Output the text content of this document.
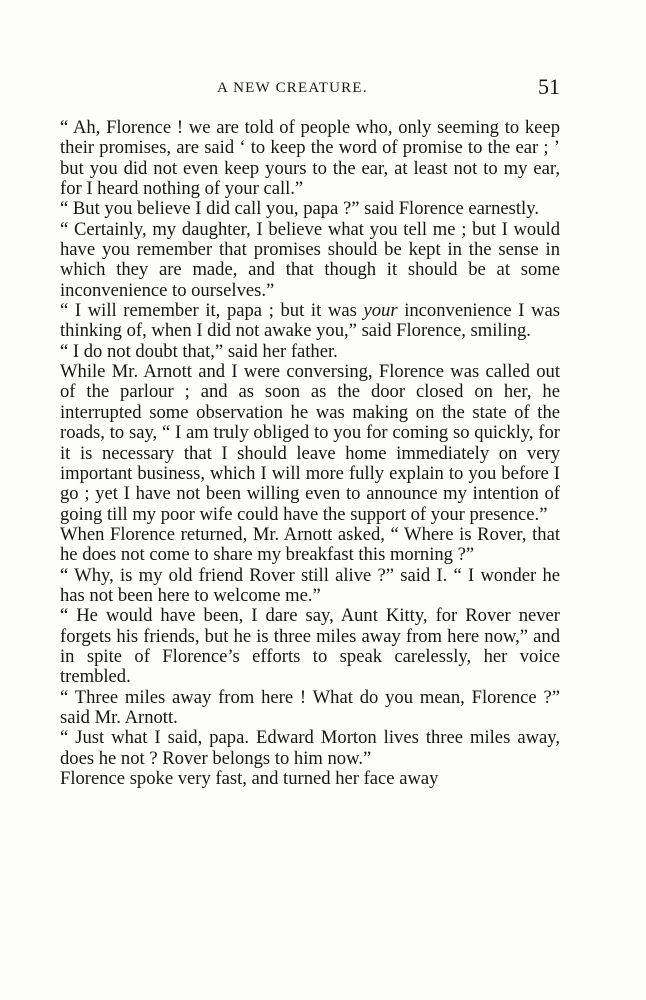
A NEW CREATURE.	51

“ Ah, Florence ! we are told of people who, only seeming to keep their promises, are said ‘ to keep the word of promise to the ear ; ’ but you did not even keep yours to the ear, at least not to my ear, for I heard nothing of your call.”

“ But you believe I did call you, papa ?” said Florence earnestly.

“ Certainly, my daughter, I believe what you tell me ; but I would have you remember that promises should be kept in the sense in which they are made, and that though it should be at some inconvenience to ourselves.”

“ I will remember it, papa ; but it was your inconvenience I was thinking of, when I did not awake you,” said Florence, smiling.

“ I do not doubt that,” said her father.

While Mr. Arnott and I were conversing, Florence was called out of the parlour ; and as soon as the door closed on her, he interrupted some observation he was making on the state of the roads, to say, “ I am truly obliged to you for coming so quickly, for it is necessary that I should leave home immediately on very important business, which I will more fully explain to you before I go ; yet I have not been willing even to announce my intention of going till my poor wife could have the support of your presence.”

When Florence returned, Mr. Arnott asked, “ Where is Rover, that he does not come to share my breakfast this morning ?”

“ Why, is my old friend Rover still alive ?” said I. “ I wonder he has not been here to welcome me.”

“ He would have been, I dare say, Aunt Kitty, for Rover never forgets his friends, but he is three miles away from here now,” and in spite of Florence’s efforts to speak carelessly, her voice trembled.

“ Three miles away from here ! What do you mean, Florence ?” said Mr. Arnott.

“ Just what I said, papa. Edward Morton lives three miles away, does he not ? Rover belongs to him now.”

Florence spoke very fast, and turned her face away
